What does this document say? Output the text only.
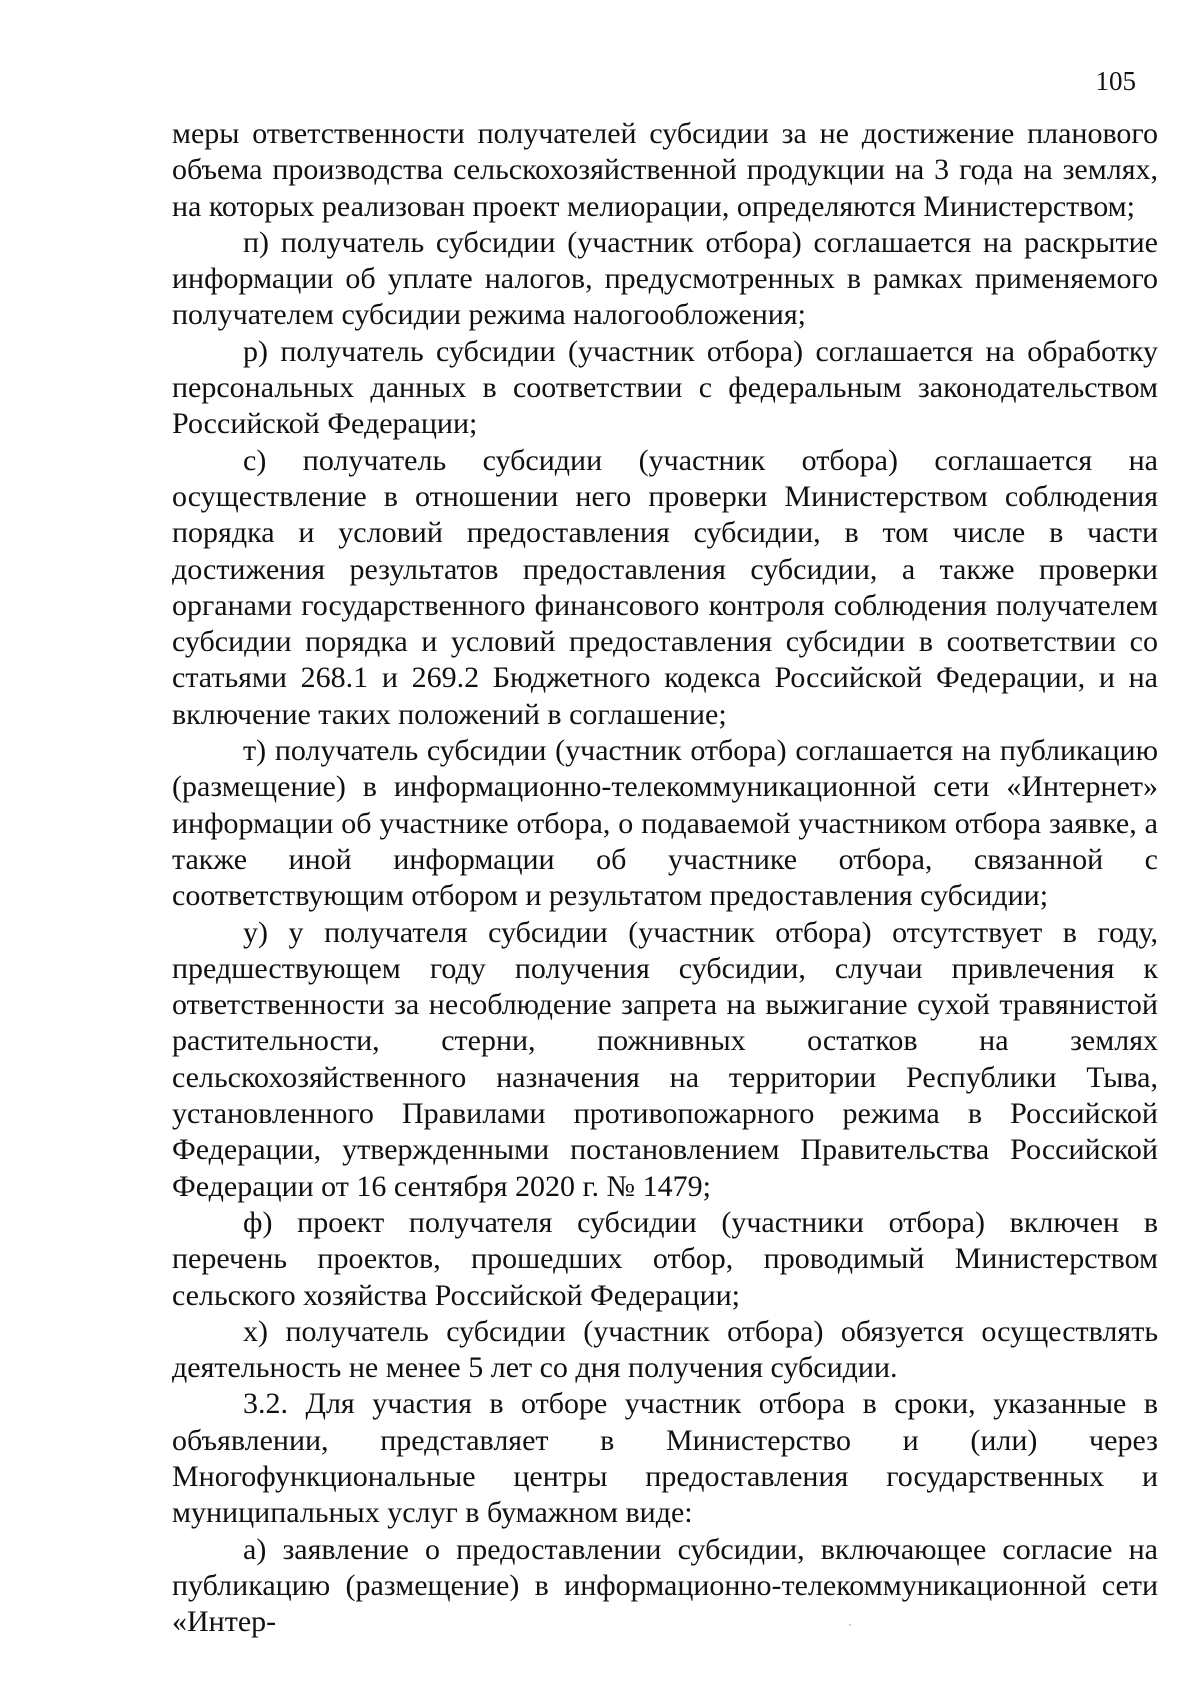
105

меры ответственности получателей субсидии за не достижение планового объема производства сельскохозяйственной продукции на 3 года на землях, на которых реализован проект мелиорации, определяются Министерством;

п) получатель субсидии (участник отбора) соглашается на раскрытие информации об уплате налогов, предусмотренных в рамках применяемого получателем субсидии режима налогообложения;

р) получатель субсидии (участник отбора) соглашается на обработку персональных данных в соответствии с федеральным законодательством Российской Федерации;

с) получатель субсидии (участник отбора) соглашается на осуществление в отношении него проверки Министерством соблюдения порядка и условий предоставления субсидии, в том числе в части достижения результатов предоставления субсидии, а также проверки органами государственного финансового контроля соблюдения получателем субсидии порядка и условий предоставления субсидии в соответствии со статьями 268.1 и 269.2 Бюджетного кодекса Российской Федерации, и на включение таких положений в соглашение;

т) получатель субсидии (участник отбора) соглашается на публикацию (размещение) в информационно-телекоммуникационной сети «Интернет» информации об участнике отбора, о подаваемой участником отбора заявке, а также иной информации об участнике отбора, связанной с соответствующим отбором и результатом предоставления субсидии;

у) у получателя субсидии (участник отбора) отсутствует в году, предшествующем году получения субсидии, случаи привлечения к ответственности за несоблюдение запрета на выжигание сухой травянистой растительности, стерни, пожнивных остатков на землях сельскохозяйственного назначения на территории Республики Тыва, установленного Правилами противопожарного режима в Российской Федерации, утвержденными постановлением Правительства Российской Федерации от 16 сентября 2020 г. № 1479;

ф) проект получателя субсидии (участники отбора) включен в перечень проектов, прошедших отбор, проводимый Министерством сельского хозяйства Российской Федерации;

х) получатель субсидии (участник отбора) обязуется осуществлять деятельность не менее 5 лет со дня получения субсидии.

3.2. Для участия в отборе участник отбора в сроки, указанные в объявлении, представляет в Министерство и (или) через Многофункциональные центры предоставления государственных и муниципальных услуг в бумажном виде:

а) заявление о предоставлении субсидии, включающее согласие на публикацию (размещение) в информационно-телекоммуникационной сети «Интер-
